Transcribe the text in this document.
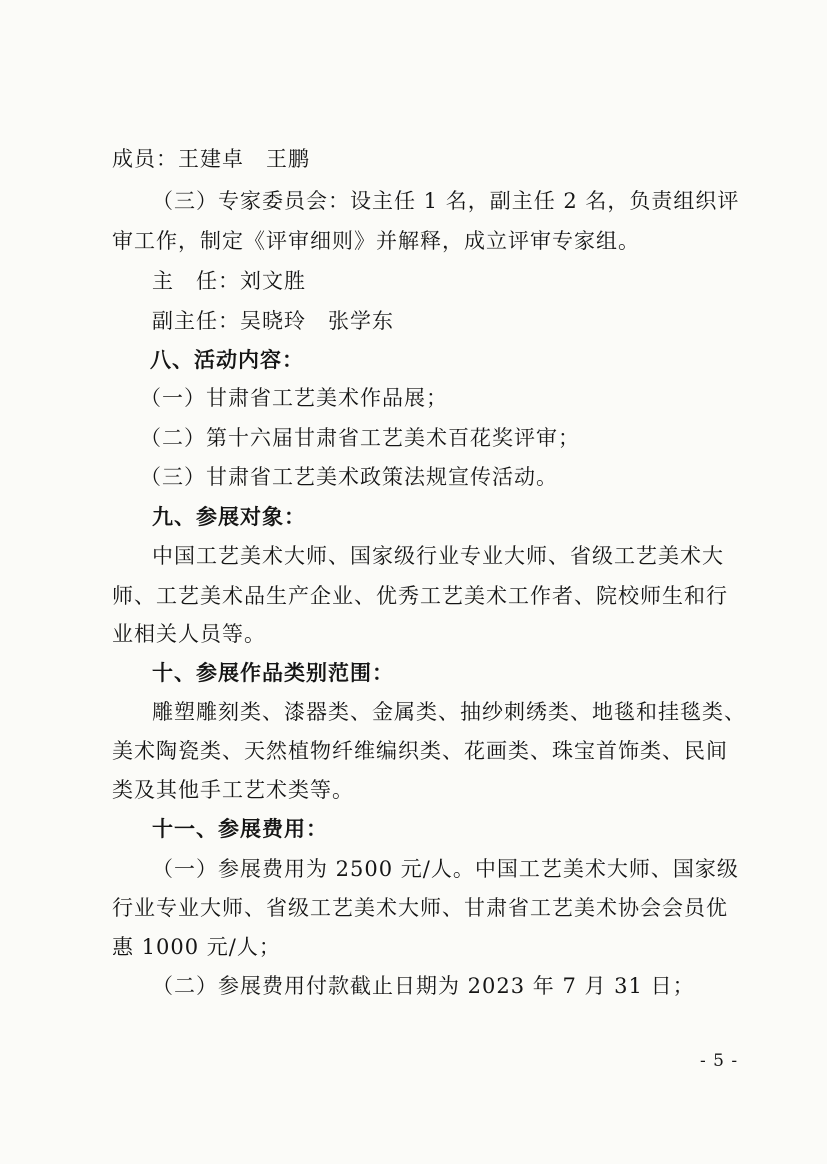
成员：王建卓 王鹏
（三）专家委员会：设主任 1 名，副主任 2 名，负责组织评
审工作，制定《评审细则》并解释，成立评审专家组。
主　任：刘文胜
副主任：吴晓玲 张学东
八、活动内容：
（一）甘肃省工艺美术作品展；
（二）第十六届甘肃省工艺美术百花奖评审；
（三）甘肃省工艺美术政策法规宣传活动。
九、参展对象：
中国工艺美术大师、国家级行业专业大师、省级工艺美术大
师、工艺美术品生产企业、优秀工艺美术工作者、院校师生和行
业相关人员等。
十、参展作品类别范围：
雕塑雕刻类、漆器类、金属类、抽纱刺绣类、地毯和挂毯类、
美术陶瓷类、天然植物纤维编织类、花画类、珠宝首饰类、民间
类及其他手工艺术类等。
十一、参展费用：
（一）参展费用为 2500 元/人。中国工艺美术大师、国家级
行业专业大师、省级工艺美术大师、甘肃省工艺美术协会会员优
惠 1000 元/人；
（二）参展费用付款截止日期为 2023 年 7 月 31 日；
- 5 -
